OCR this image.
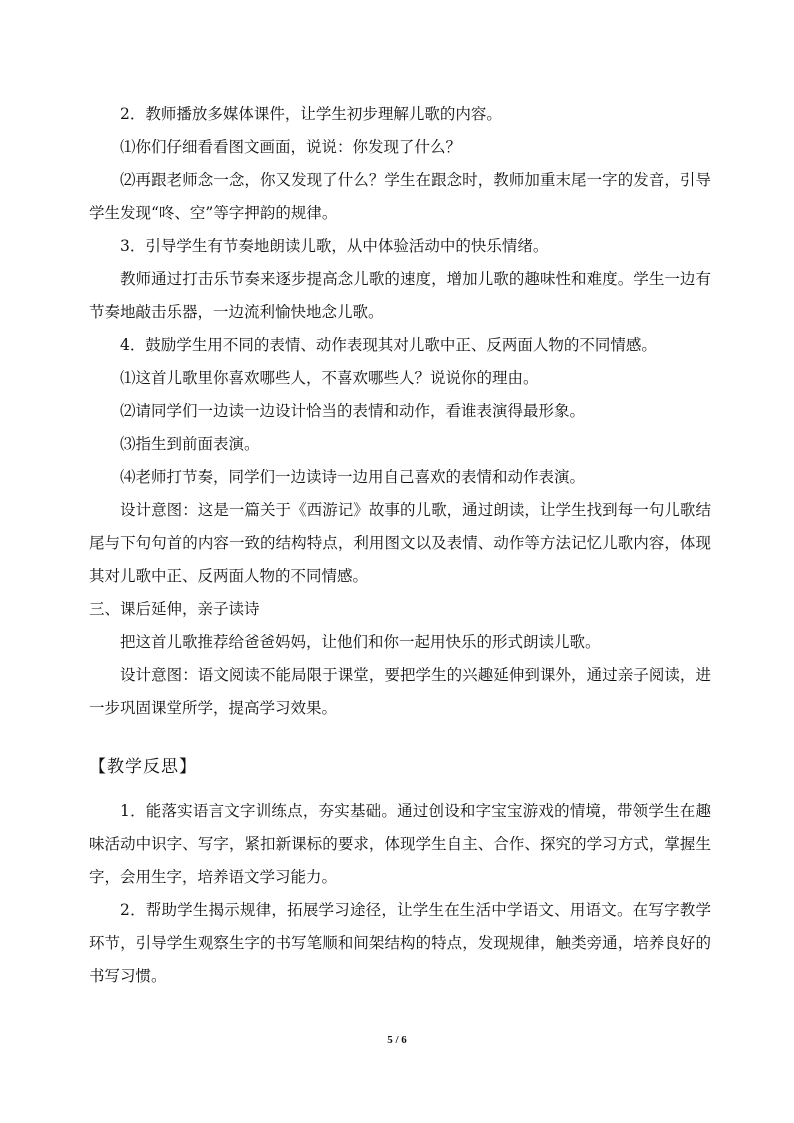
2．教师播放多媒体课件，让学生初步理解儿歌的内容。

⑴你们仔细看看图文画面，说说：你发现了什么？

⑵再跟老师念一念，你又发现了什么？学生在跟念时，教师加重末尾一字的发音，引导学生发现“咚、空”等字押韵的规律。

3．引导学生有节奏地朗读儿歌，从中体验活动中的快乐情绪。

教师通过打击乐节奏来逐步提高念儿歌的速度，增加儿歌的趣味性和难度。学生一边有节奏地敲击乐器，一边流利愉快地念儿歌。

4．鼓励学生用不同的表情、动作表现其对儿歌中正、反两面人物的不同情感。

⑴这首儿歌里你喜欢哪些人，不喜欢哪些人？说说你的理由。

⑵请同学们一边读一边设计恰当的表情和动作，看谁表演得最形象。

⑶指生到前面表演。

⑷老师打节奏，同学们一边读诗一边用自己喜欢的表情和动作表演。

设计意图：这是一篇关于《西游记》故事的儿歌，通过朗读，让学生找到每一句儿歌结尾与下句句首的内容一致的结构特点，利用图文以及表情、动作等方法记忆儿歌内容，体现其对儿歌中正、反两面人物的不同情感。

三、课后延伸，亲子读诗

把这首儿歌推荐给爸爸妈妈，让他们和你一起用快乐的形式朗读儿歌。

设计意图：语文阅读不能局限于课堂，要把学生的兴趣延伸到课外，通过亲子阅读，进一步巩固课堂所学，提高学习效果。

【教学反思】

1．能落实语言文字训练点，夯实基础。通过创设和字宝宝游戏的情境，带领学生在趣味活动中识字、写字，紧扣新课标的要求，体现学生自主、合作、探究的学习方式，掌握生字，会用生字，培养语文学习能力。

2．帮助学生揭示规律，拓展学习途径，让学生在生活中学语文、用语文。在写字教学环节，引导学生观察生字的书写笔顺和间架结构的特点，发现规律，触类旁通，培养良好的书写习惯。

5 / 6
